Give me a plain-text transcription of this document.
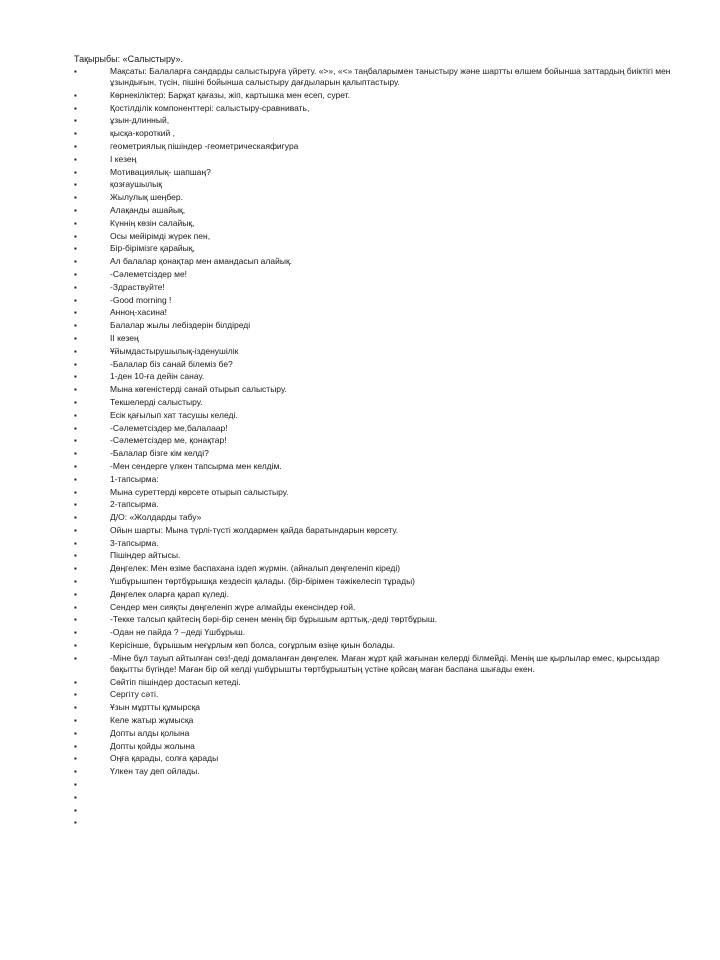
Тақырыбы: «Салыстыру».
▪	Мақсаты: Балаларға сандарды салыстыруға үйрету. «>», «<» таңбаларымен таныстыру және шартты өлшем бойынша заттардың биіктігі мен ұзындығын, түсін, пішіні бойынша салыстыру дағдыларын қалыптастыру.
▪	Көрнекіліктер: Барқат қағазы, жіп, картышка мен есеп, сурет.
▪	Қостілділік компоненттері: салыстыру-сравнивать,
▪	ұзын-длинный,
▪	қысқа-короткий ,
▪	геометриялық пішіндер -геометрическаяфигура
▪	I кезең
▪	Мотивациялық- шапшаң?
▪	қозғаушылық
▪	Жылулық шеңбер.
▪	Алақанды ашайық,
▪	Күннің көзін салайық,
▪	Осы мейірімді жүрек пен,
▪	Бір-бірімізге қарайық,
▪	Ал балалар қонақтар мен амандасып алайық.
▪	-Сәлеметсіздер ме!
▪	-Здраствуйте!
▪	-Good morning !
▪	Анноң-хасина!
▪	Балалар жылы лебіздерін білдіреді
▪	II кезең
▪	Ұйымдастырушылық-ізденушілік
▪	-Балалар біз санай білеміз бе?
▪	1-ден 10-ға дейін санау.
▪	Мына көгеністерді санай отырып салыстыру.
▪	Текшелерді салыстыру.
▪	Есік қағылып хат тасушы келеді.
▪	-Сәлеметсіздер ме,балалаар!
▪	-Сәлеметсіздер ме, қонақтар!
▪	-Балалар бізге кім келді?
▪	-Мен сендерге үлкен тапсырма мен келдім.
▪	1-тапсырма:
▪	Мына суреттерді көрсете отырып салыстыру.
▪	2-тапсырма.
▪	Д/О: «Жолдарды табу»
▪	Ойын шарты: Мына түрлі-түсті жолдармен қайда баратындарын көрсету.
▪	3-тапсырма.
▪	Пішіндер айтысы.
▪	Дөңгелек: Мен өзіме баспахана іздеп жүрмін. (айналып дөңгеленіп кіреді)
▪	Үшбұрышпен төртбұрышқа кездесіп қалады. (бір-бірімен тәжікелесіп тұрады)
▪	Дөңгелек оларға қарап күледі.
▪	Сендер мен сияқты дөңгеленіп жүре алмайды екенсіндер ғой.
▪	-Текке талсып қайтесің бәрі-бір сенен менің бір бұрышым арттық,-деді төртбұрыш.
▪	-Одан не пайда ? –деді Үшбұрыш.
▪	Керісінше, бұрышым неғұрлым көп болса, соғұрлым өзіңе қиын болады.
▪	-Міне бұл тауып айтылған сөз!-деді домаланған дөңгелек. Маған жұрт қай жағынан келерді білмейді. Менің ше қырлылар емес, қырсыздар бақытты бүгінде! Маған бір ой келді үшбұрышты төртбұрыштың үстіне қойсаң маған баспана шығады екен.
▪	Сөйтіп пішіндер достасып кетеді.
▪	Сергіту сәті.
▪	Ұзын мұртты құмырсқа
▪	Келе жатыр жұмысқа
▪	Допты алды қолына
▪	Допты қойды жолына
▪	Оңға қарады, солға қарады
▪	Үлкен тау деп ойлады.
▪
▪
▪
▪
